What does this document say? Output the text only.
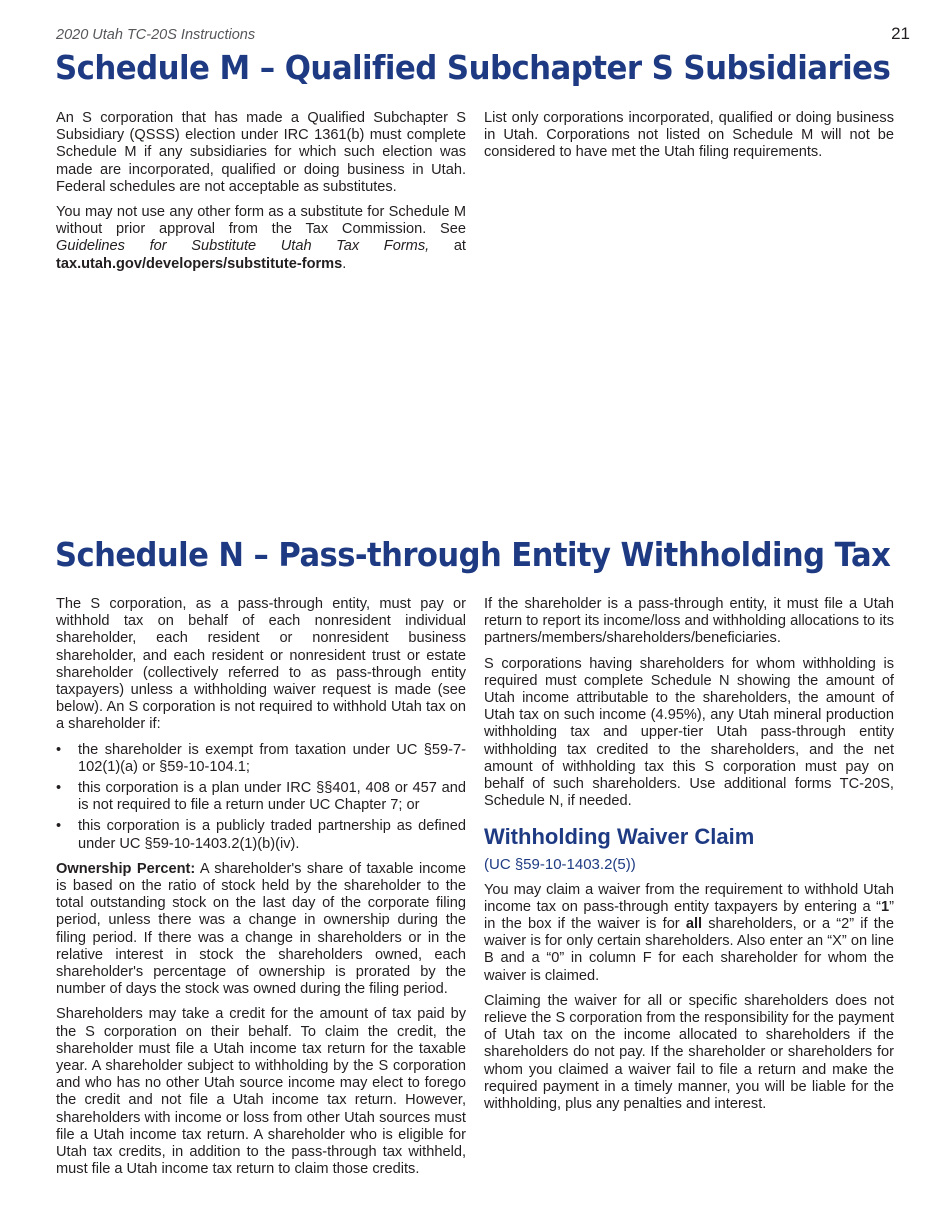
2020 Utah TC-20S Instructions	21
Schedule M – Qualified Subchapter S Subsidiaries

An S corporation that has made a Qualified Subchapter S Subsidiary (QSSS) election under IRC 1361(b) must complete Schedule M if any subsidiaries for which such election was made are incorporated, qualified or doing business in Utah. Federal schedules are not acceptable as substitutes.

You may not use any other form as a substitute for Schedule M without prior approval from the Tax Commission. See Guidelines for Substitute Utah Tax Forms, at tax.utah.gov/developers/substitute-forms.

List only corporations incorporated, qualified or doing business in Utah. Corporations not listed on Schedule M will not be considered to have met the Utah filing requirements.

Schedule N – Pass-through Entity Withholding Tax

The S corporation, as a pass-through entity, must pay or withhold tax on behalf of each nonresident individual shareholder, each resident or nonresident business shareholder, and each resident or nonresident trust or estate shareholder (collectively referred to as pass-through entity taxpayers) unless a withholding waiver request is made (see below). An S corporation is not required to withhold Utah tax on a shareholder if:

• the shareholder is exempt from taxation under UC §59-7-102(1)(a) or §59-10-104.1;
• this corporation is a plan under IRC §§401, 408 or 457 and is not required to file a return under UC Chapter 7; or
• this corporation is a publicly traded partnership as defined under UC §59-10-1403.2(1)(b)(iv).

Ownership Percent: A shareholder's share of taxable income is based on the ratio of stock held by the shareholder to the total outstanding stock on the last day of the corporate filing period, unless there was a change in ownership during the filing period. If there was a change in shareholders or in the relative interest in stock the shareholders owned, each shareholder's percentage of ownership is prorated by the number of days the stock was owned during the filing period.

Shareholders may take a credit for the amount of tax paid by the S corporation on their behalf. To claim the credit, the shareholder must file a Utah income tax return for the taxable year. A shareholder subject to withholding by the S corporation and who has no other Utah source income may elect to forego the credit and not file a Utah income tax return. However, shareholders with income or loss from other Utah sources must file a Utah income tax return. A shareholder who is eligible for Utah tax credits, in addition to the pass-through tax withheld, must file a Utah income tax return to claim those credits.

If the shareholder is a pass-through entity, it must file a Utah return to report its income/loss and withholding allocations to its partners/members/shareholders/beneficiaries.

S corporations having shareholders for whom withholding is required must complete Schedule N showing the amount of Utah income attributable to the shareholders, the amount of Utah tax on such income (4.95%), any Utah mineral production withholding tax and upper-tier Utah pass-through entity withholding tax credited to the shareholders, and the net amount of withholding tax this S corporation must pay on behalf of such shareholders. Use additional forms TC-20S, Schedule N, if needed.

Withholding Waiver Claim

(UC §59-10-1403.2(5))

You may claim a waiver from the requirement to withhold Utah income tax on pass-through entity taxpayers by entering a “1” in the box if the waiver is for all shareholders, or a “2” if the waiver is for only certain shareholders. Also enter an “X” on line B and a “0” in column F for each shareholder for whom the waiver is claimed.

Claiming the waiver for all or specific shareholders does not relieve the S corporation from the responsibility for the payment of Utah tax on the income allocated to shareholders if the shareholders do not pay. If the shareholder or shareholders for whom you claimed a waiver fail to file a return and make the required payment in a timely manner, you will be liable for the withholding, plus any penalties and interest.
